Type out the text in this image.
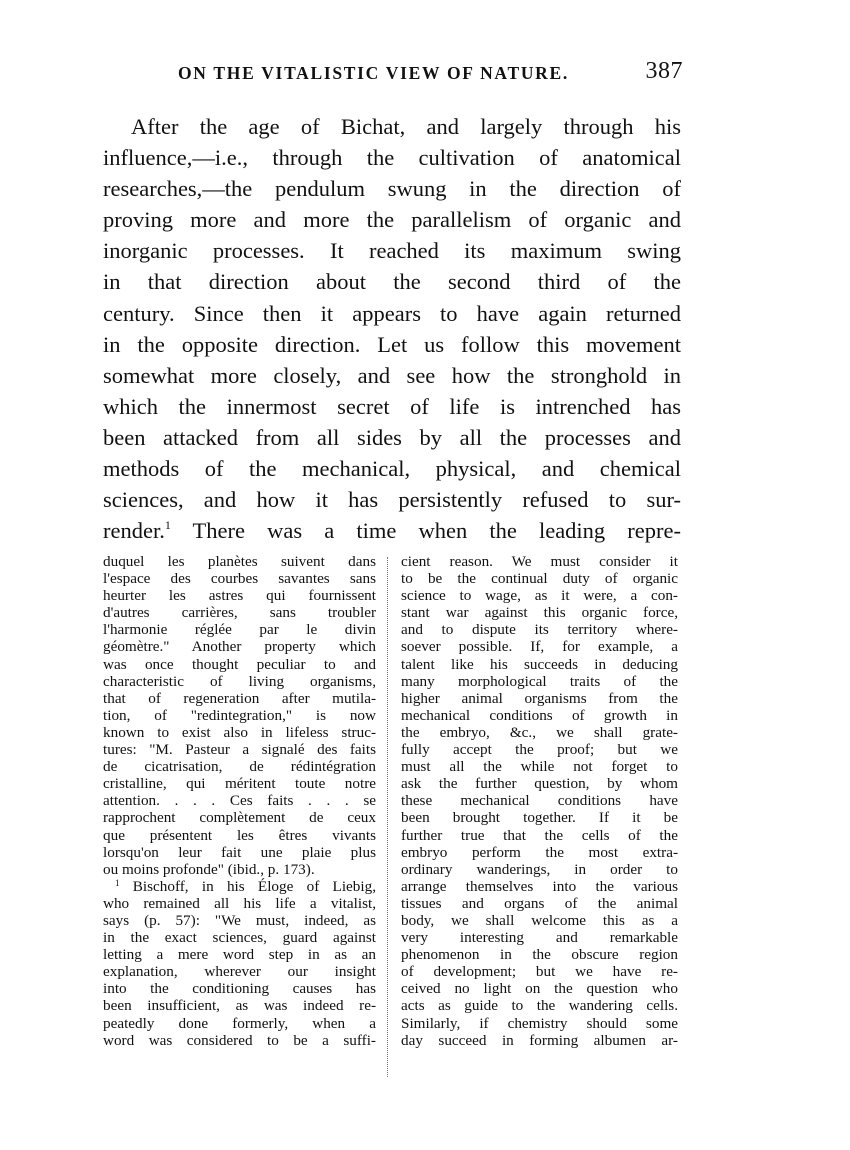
ON THE VITALISTIC VIEW OF NATURE.	387
After the age of Bichat, and largely through his
influence,—i.e., through the cultivation of anatomical
researches,—the pendulum swung in the direction of
proving more and more the parallelism of organic and
inorganic processes. It reached its maximum swing
in that direction about the second third of the
century. Since then it appears to have again returned
in the opposite direction. Let us follow this movement
somewhat more closely, and see how the stronghold in
which the innermost secret of life is intrenched has
been attacked from all sides by all the processes and
methods of the mechanical, physical, and chemical
sciences, and how it has persistently refused to sur-
render.$^1$ There was a time when the leading repre-
duquel les planètes suivent dans
l'espace des courbes savantes sans
heurter les astres qui fournissent
d'autres carrières, sans troubler
l'harmonie réglée par le divin
géomètre." Another property which
was once thought peculiar to and
characteristic of living organisms,
that of regeneration after mutila-
tion, of "redintegration," is now
known to exist also in lifeless struc-
tures: "M. Pasteur a signalé des faits
de cicatrisation, de rédintégration
cristalline, qui méritent toute notre
attention. . . . Ces faits . . . se
rapprochent complètement de ceux
que présentent les êtres vivants
lorsqu'on leur fait une plaie plus
ou moins profonde" (ibid., p. 173).
$^1$ Bischoff, in his Éloge of Liebig,
who remained all his life a vitalist,
says (p. 57): "We must, indeed, as
in the exact sciences, guard against
letting a mere word step in as an
explanation, wherever our insight
into the conditioning causes has
been insufficient, as was indeed re-
peatedly done formerly, when a
word was considered to be a suffi-
cient reason. We must consider it
to be the continual duty of organic
science to wage, as it were, a con-
stant war against this organic force,
and to dispute its territory where-
soever possible. If, for example, a
talent like his succeeds in deducing
many morphological traits of the
higher animal organisms from the
mechanical conditions of growth in
the embryo, &c., we shall grate-
fully accept the proof; but we
must all the while not forget to
ask the further question, by whom
these mechanical conditions have
been brought together. If it be
further true that the cells of the
embryo perform the most extra-
ordinary wanderings, in order to
arrange themselves into the various
tissues and organs of the animal
body, we shall welcome this as a
very interesting and remarkable
phenomenon in the obscure region
of development; but we have re-
ceived no light on the question who
acts as guide to the wandering cells.
Similarly, if chemistry should some
day succeed in forming albumen ar-
